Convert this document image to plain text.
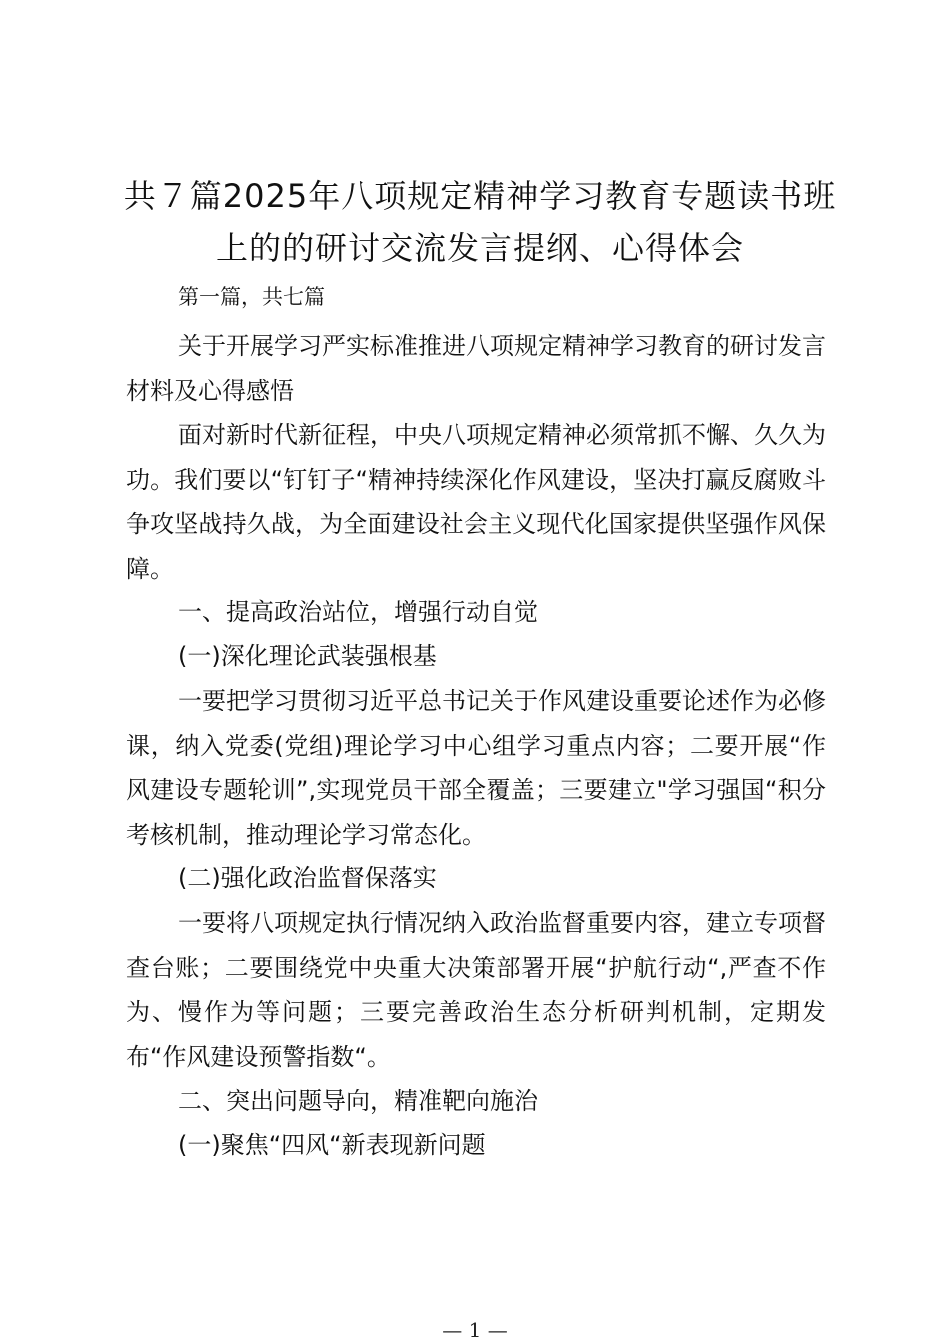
共７篇2025年八项规定精神学习教育专题读书班上的的研讨交流发言提纲、心得体会
第一篇，共七篇

关于开展学习严实标准推进八项规定精神学习教育的研讨发言材料及心得感悟

面对新时代新征程，中央八项规定精神必须常抓不懈、久久为功。我们要以“钉钉子“精神持续深化作风建设，坚决打赢反腐败斗争攻坚战持久战，为全面建设社会主义现代化国家提供坚强作风保障。

一、提高政治站位，增强行动自觉

(一)深化理论武装强根基

一要把学习贯彻习近平总书记关于作风建设重要论述作为必修课，纳入党委(党组)理论学习中心组学习重点内容；二要开展“作风建设专题轮训”,实现党员干部全覆盖；三要建立"学习强国“积分考核机制，推动理论学习常态化。

(二)强化政治监督保落实

一要将八项规定执行情况纳入政治监督重要内容，建立专项督查台账；二要围绕党中央重大决策部署开展“护航行动“,严查不作为、慢作为等问题；三要完善政治生态分析研判机制，定期发布“作风建设预警指数“。

二、突出问题导向，精准靶向施治

(一)聚焦“四风“新表现新问题

— 1 —
